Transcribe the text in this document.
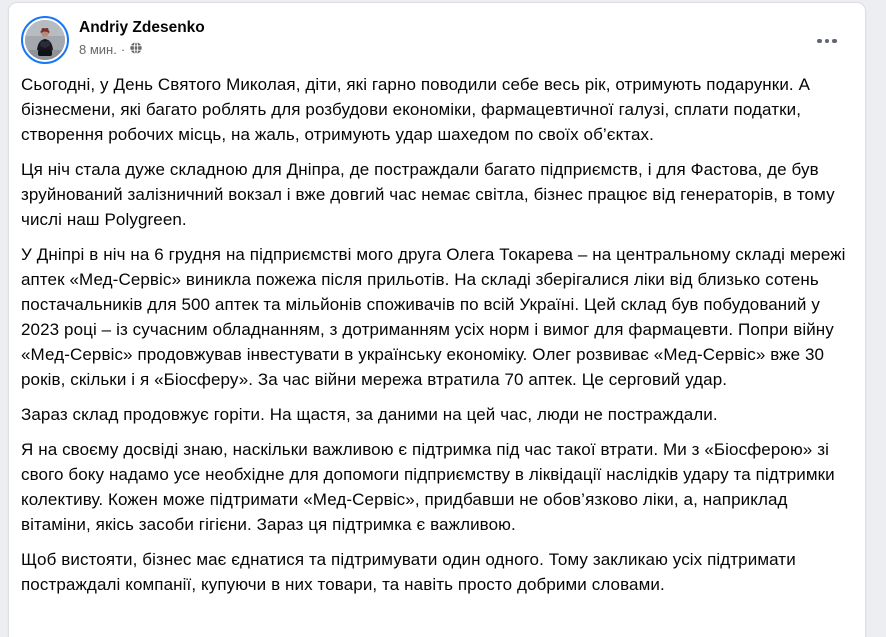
Andriy Zdesenko
8 мин. ·

Сьогодні, у День Святого Миколая, діти, які гарно поводили себе весь рік, отримують подарунки. А бізнесмени, які багато роблять для розбудови економіки, фармацевтичної галузі, сплати податки, створення робочих місць, на жаль, отримують удар шахедом по своїх об’єктах.

Ця ніч стала дуже складною для Дніпра, де постраждали багато підприємств, і для Фастова, де був зруйнований залізничний вокзал і вже довгий час немає світла, бізнес працює від генераторів, в тому числі наш Polygreen.

У Дніпрі в ніч на 6 грудня на підприємстві мого друга Олега Токарева – на центральному складі мережі аптек «Мед-Сервіс» виникла пожежа після прильотів. На складі зберігалися ліки від близько сотень постачальників для 500 аптек та мільйонів споживачів по всій Україні. Цей склад був побудований у 2023 році – із сучасним обладнанням, з дотриманням усіх норм і вимог для фармацевти. Попри війну «Мед-Сервіс» продовжував інвестувати в українську економіку. Олег розвиває «Мед-Сервіс» вже 30 років, скільки і я «Біосферу». За час війни мережа втратила 70 аптек. Це серговий удар.

Зараз склад продовжує горіти. На щастя, за даними на цей час, люди не постраждали.

Я на своєму досвіді знаю, наскільки важливою є підтримка під час такої втрати. Ми з «Біосферою» зі свого боку надамо усе необхідне для допомоги підприємству в ліквідації наслідків удару та підтримки колективу. Кожен може підтримати «Мед-Сервіс», придбавши не обов’язково ліки, а, наприклад вітаміни, якісь засоби гігієни. Зараз ця підтримка є важливою.

Щоб вистояти, бізнес має єднатися та підтримувати один одного. Тому закликаю усіх підтримати постраждалі компанії, купуючи в них товари, та навіть просто добрими словами.
